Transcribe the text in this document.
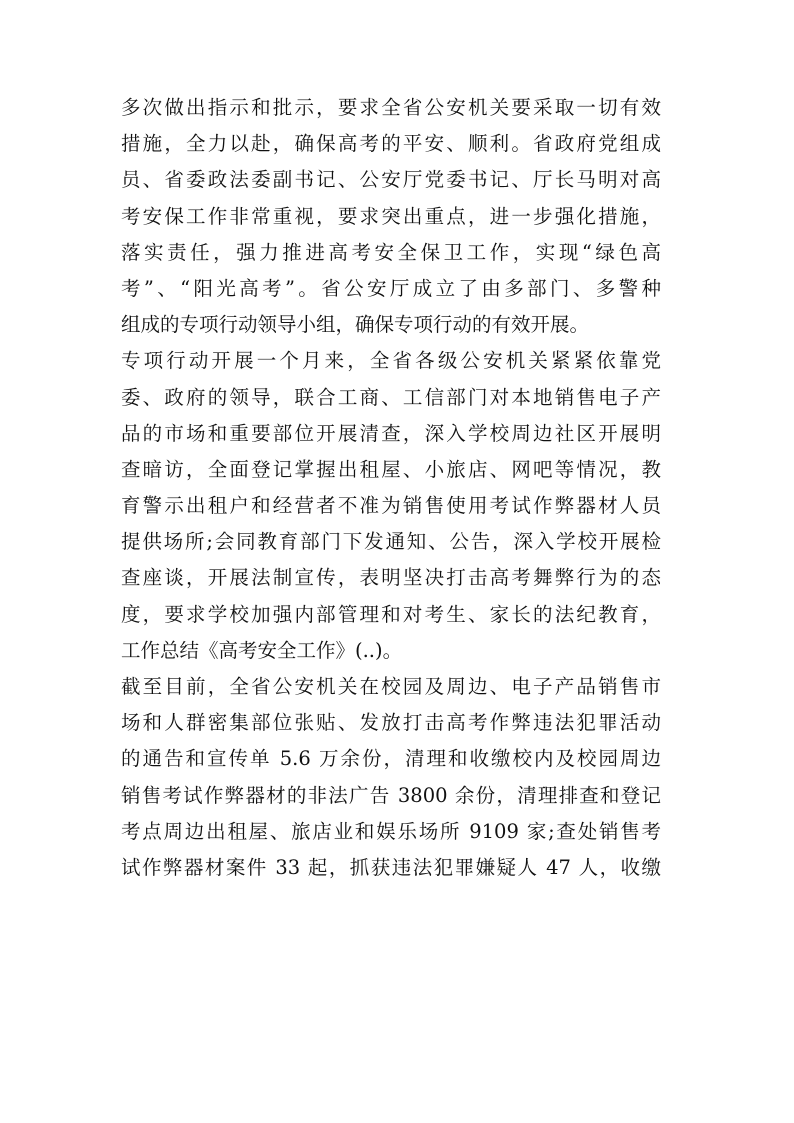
多次做出指示和批示，要求全省公安机关要采取一切有效
措施，全力以赴，确保高考的平安、顺利。省政府党组成
员、省委政法委副书记、公安厅党委书记、厅长马明对高
考安保工作非常重视，要求突出重点，进一步强化措施，
落实责任，强力推进高考安全保卫工作，实现“绿色高
考”、“阳光高考”。省公安厅成立了由多部门、多警种
组成的专项行动领导小组，确保专项行动的有效开展。
专项行动开展一个月来，全省各级公安机关紧紧依靠党
委、政府的领导，联合工商、工信部门对本地销售电子产
品的市场和重要部位开展清查，深入学校周边社区开展明
查暗访，全面登记掌握出租屋、小旅店、网吧等情况，教
育警示出租户和经营者不准为销售使用考试作弊器材人员
提供场所;会同教育部门下发通知、公告，深入学校开展检
查座谈，开展法制宣传，表明坚决打击高考舞弊行为的态
度，要求学校加强内部管理和对考生、家长的法纪教育，
工作总结《高考安全工作》(..)。
截至目前，全省公安机关在校园及周边、电子产品销售市
场和人群密集部位张贴、发放打击高考作弊违法犯罪活动
的通告和宣传单 5.6 万余份，清理和收缴校内及校园周边
销售考试作弊器材的非法广告 3800 余份，清理排查和登记
考点周边出租屋、旅店业和娱乐场所 9109 家;查处销售考
试作弊器材案件 33 起，抓获违法犯罪嫌疑人 47 人，收缴
